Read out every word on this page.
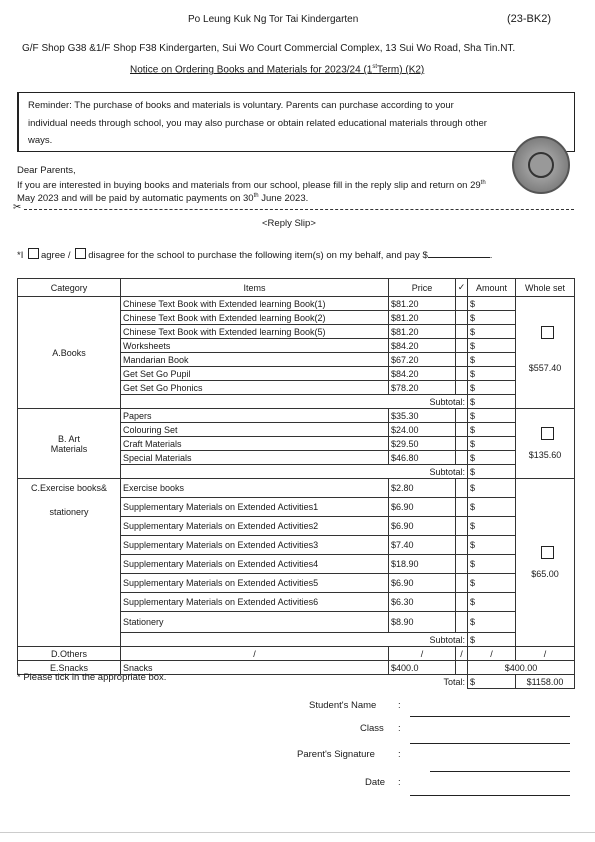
Po Leung Kuk Ng Tor Tai Kindergarten	(23-BK2)
G/F Shop G38 &1/F Shop F38 Kindergarten, Sui Wo Court Commercial Complex, 13 Sui Wo Road, Sha Tin.NT.
Notice on Ordering Books and Materials for 2023/24 (1stTerm) (K2)
Reminder: The purchase of books and materials is voluntary. Parents can purchase according to your
individual needs through school, you may also purchase or obtain related educational materials through other
ways.
Dear Parents,
If you are interested in buying books and materials from our school, please fill in the reply slip and return on 29th
May 2023 and will be paid by automatic payments on 30th June 2023.
✂
<Reply Slip>
*I agree / disagree for the school to purchase the following item(s) on my behalf, and pay $	.
Category	Items	Price	✓	Amount	Whole set
A.Books	Chinese Text Book with Extended learning Book(1)	$81.20		$	$557.40
	Chinese Text Book with Extended learning Book(2)	$81.20		$	
	Chinese Text Book with Extended learning Book(5)	$81.20		$	
	Worksheets	$84.20		$	
	Mandarian Book	$67.20		$	
	Get Set Go Pupil	$84.20		$	
	Get Set Go Phonics	$78.20		$	
	Subtotal:			$	

B. Art
Materials	Papers	$35.30		$	$135.60
	Colouring Set	$24.00		$	
	Craft Materials	$29.50		$	
	Special Materials	$46.80		$	
	Subtotal:			$	

C.Exercise books&
stationery	Exercise books	$2.80		$	$65.00
	Supplementary Materials on Extended Activities1	$6.90		$	
	Supplementary Materials on Extended Activities2	$6.90		$	
	Supplementary Materials on Extended Activities3	$7.40		$	
	Supplementary Materials on Extended Activities4	$18.90		$	
	Supplementary Materials on Extended Activities5	$6.90		$	
	Supplementary Materials on Extended Activities6	$6.30		$	
	Stationery	$8.90		$	
	Subtotal:			$	
D.Others	/	/	/	/	/
E.Snacks	Snacks	$400.0		$400.00	
Total:				$	$1158.00
* Please tick in the appropriate box.
Student's Name :
Class :
Parent's Signature :
Date :
